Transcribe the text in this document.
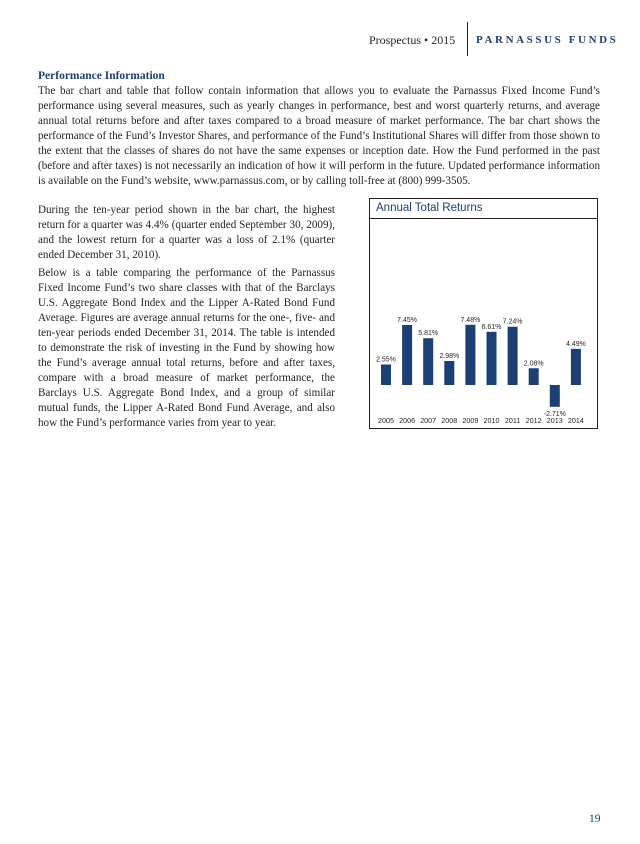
Prospectus • 2015 PARNASSUS FUNDS
Performance Information

The bar chart and table that follow contain information that allows you to evaluate the Parnassus Fixed Income Fund’s performance using several measures, such as yearly changes in performance, best and worst quarterly returns, and average annual total returns before and after taxes compared to a broad measure of market performance. The bar chart shows the performance of the Fund’s Investor Shares, and performance of the Fund’s Institutional Shares will differ from those shown to the extent that the classes of shares do not have the same expenses or inception date. How the Fund performed in the past (before and after taxes) is not necessarily an indication of how it will perform in the future. Updated performance information is available on the Fund’s website, www.parnassus.com, or by calling toll-free at (800) 999-3505.

During the ten-year period shown in the bar chart, the highest return for a quarter was 4.4% (quarter ended September 30, 2009), and the lowest return for a quarter was a loss of 2.1% (quarter ended December 31, 2010).

Below is a table comparing the performance of the Parnassus Fixed Income Fund’s two share classes with that of the Barclays U.S. Aggregate Bond Index and the Lipper A-Rated Bond Fund Average. Figures are average annual returns for the one-, five- and ten-year periods ended December 31, 2014. The table is intended to demonstrate the risk of investing in the Fund by showing how the Fund’s average annual total returns, before and after taxes, compare with a broad measure of market performance, the Barclays U.S. Aggregate Bond Index, and a group of similar mutual funds, the Lipper A-Rated Bond Fund Average, and also how the Fund’s performance varies from year to year.

Annual Total Returns
2.55%
2005
7.45%
2006
5.81%
2007
2.98%
2008
7.48%
2009
6.61%
2010
7.24%
2011
2.08%
2012
-2.71%
2013
4.49%
2014
19
